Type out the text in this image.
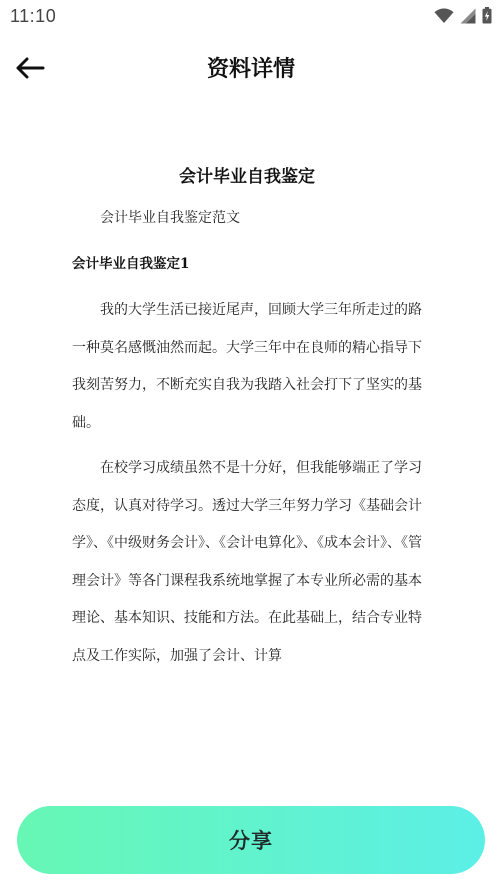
11:10
资料详情
会计毕业自我鉴定
会计毕业自我鉴定范文
会计毕业自我鉴定1

我的大学生活已接近尾声，回顾大学三年所走过的路一种莫名感慨油然而起。大学三年中在良师的精心指导下我刻苦努力，不断充实自我为我踏入社会打下了坚实的基础。

在校学习成绩虽然不是十分好，但我能够端正了学习态度，认真对待学习。透过大学三年努力学习《基础会计学》、《中级财务会计》、《会计电算化》、《成本会计》、《管理会计》等各门课程我系统地掌握了本专业所必需的基本理论、基本知识、技能和方法。在此基础上，结合专业特点及工作实际，加强了会计、计算

分享
